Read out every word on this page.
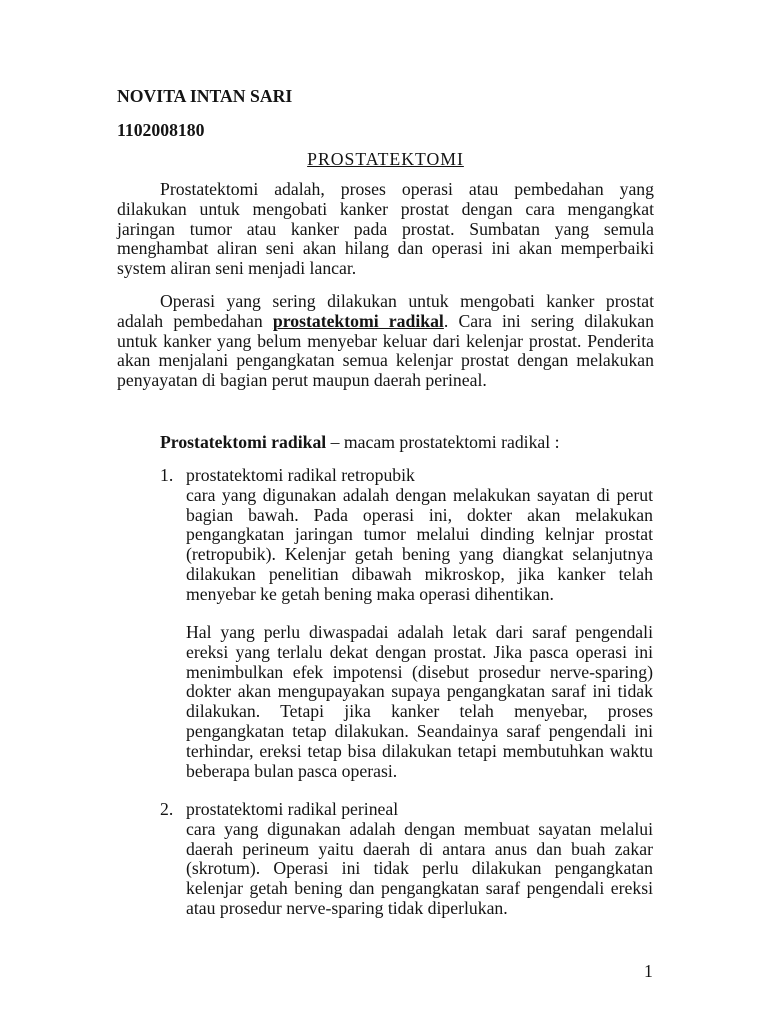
NOVITA INTAN SARI
1102008180
PROSTATEKTOMI
Prostatektomi adalah, proses operasi atau pembedahan yang
dilakukan untuk mengobati kanker prostat dengan cara mengangkat
jaringan tumor atau kanker pada prostat. Sumbatan yang semula
menghambat aliran seni akan hilang dan operasi ini akan memperbaiki
system aliran seni menjadi lancar.
Operasi yang sering dilakukan untuk mengobati kanker prostat
adalah pembedahan prostatektomi radikal. Cara ini sering dilakukan
untuk kanker yang belum menyebar keluar dari kelenjar prostat. Penderita
akan menjalani pengangkatan semua kelenjar prostat dengan melakukan
penyayatan di bagian perut maupun daerah perineal.
Prostatektomi radikal – macam prostatektomi radikal :
1. prostatektomi radikal retropubik
cara yang digunakan adalah dengan melakukan sayatan di perut
bagian bawah. Pada operasi ini, dokter akan melakukan
pengangkatan jaringan tumor melalui dinding kelnjar prostat
(retropubik). Kelenjar getah bening yang diangkat selanjutnya
dilakukan penelitian dibawah mikroskop, jika kanker telah
menyebar ke getah bening maka operasi dihentikan.
Hal yang perlu diwaspadai adalah letak dari saraf pengendali
ereksi yang terlalu dekat dengan prostat. Jika pasca operasi ini
menimbulkan efek impotensi (disebut prosedur nerve-sparing)
dokter akan mengupayakan supaya pengangkatan saraf ini tidak
dilakukan. Tetapi jika kanker telah menyebar, proses
pengangkatan tetap dilakukan. Seandainya saraf pengendali ini
terhindar, ereksi tetap bisa dilakukan tetapi membutuhkan waktu
beberapa bulan pasca operasi.
2. prostatektomi radikal perineal
cara yang digunakan adalah dengan membuat sayatan melalui
daerah perineum yaitu daerah di antara anus dan buah zakar
(skrotum). Operasi ini tidak perlu dilakukan pengangkatan
kelenjar getah bening dan pengangkatan saraf pengendali ereksi
atau prosedur nerve-sparing tidak diperlukan.
1
